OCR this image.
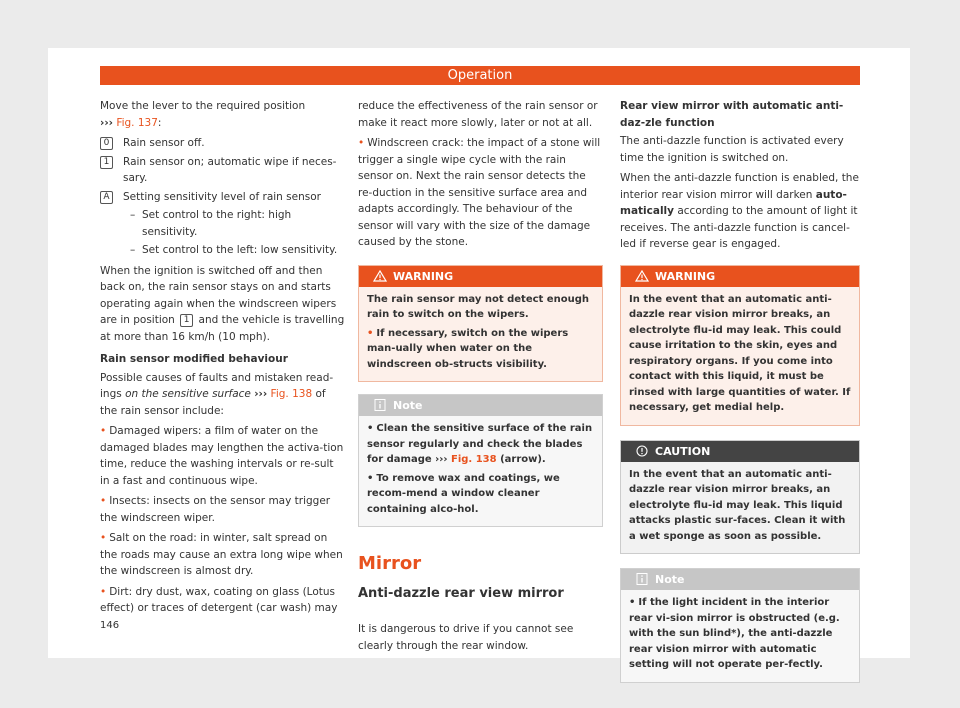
Operation

Move the lever to the required position
››› Fig. 137:

0	Rain sensor off.
1	Rain sensor on; automatic wipe if neces-sary.
A	Setting sensitivity level of rain sensor
– Set control to the right: high sensitivity.
– Set control to the left: low sensitivity.

When the ignition is switched off and then back on, the rain sensor stays on and starts operating again when the windscreen wipers are in position 1 and the vehicle is travelling at more than 16 km/h (10 mph).

Rain sensor modified behaviour

Possible causes of faults and mistaken read-ings on the sensitive surface ››› Fig. 138 of the rain sensor include:

• Damaged wipers: a film of water on the damaged blades may lengthen the activa-tion time, reduce the washing intervals or re-sult in a fast and continuous wipe.

• Insects: insects on the sensor may trigger the windscreen wiper.

• Salt on the road: in winter, salt spread on the roads may cause an extra long wipe when the windscreen is almost dry.

• Dirt: dry dust, wax, coating on glass (Lotus effect) or traces of detergent (car wash) may

reduce the effectiveness of the rain sensor or make it react more slowly, later or not at all.

• Windscreen crack: the impact of a stone will trigger a single wipe cycle with the rain sensor on. Next the rain sensor detects the re-duction in the sensitive surface area and adapts accordingly. The behaviour of the sensor will vary with the size of the damage caused by the stone.

WARNING

The rain sensor may not detect enough rain to switch on the wipers.

• If necessary, switch on the wipers man-ually when water on the windscreen ob-structs visibility.

Note

• Clean the sensitive surface of the rain sensor regularly and check the blades for damage ››› Fig. 138 (arrow).

• To remove wax and coatings, we recom-mend a window cleaner containing alco-hol.

Mirror
Anti-dazzle rear view mirror

It is dangerous to drive if you cannot see clearly through the rear window.

Rear view mirror with automatic anti-daz-zle function

The anti-dazzle function is activated every time the ignition is switched on.

When the anti-dazzle function is enabled, the interior rear vision mirror will darken auto-matically according to the amount of light it receives. The anti-dazzle function is cancel-led if reverse gear is engaged.

WARNING

In the event that an automatic anti-dazzle rear vision mirror breaks, an electrolyte flu-id may leak. This could cause irritation to the skin, eyes and respiratory organs. If you come into contact with this liquid, it must be rinsed with large quantities of water. If necessary, get medial help.

CAUTION

In the event that an automatic anti-dazzle rear vision mirror breaks, an electrolyte flu-id may leak. This liquid attacks plastic sur-faces. Clean it with a wet sponge as soon as possible.

Note

• If the light incident in the interior rear vi-sion mirror is obstructed (e.g. with the sun blind*), the anti-dazzle rear vision mirror with automatic setting will not operate per-fectly.

146
